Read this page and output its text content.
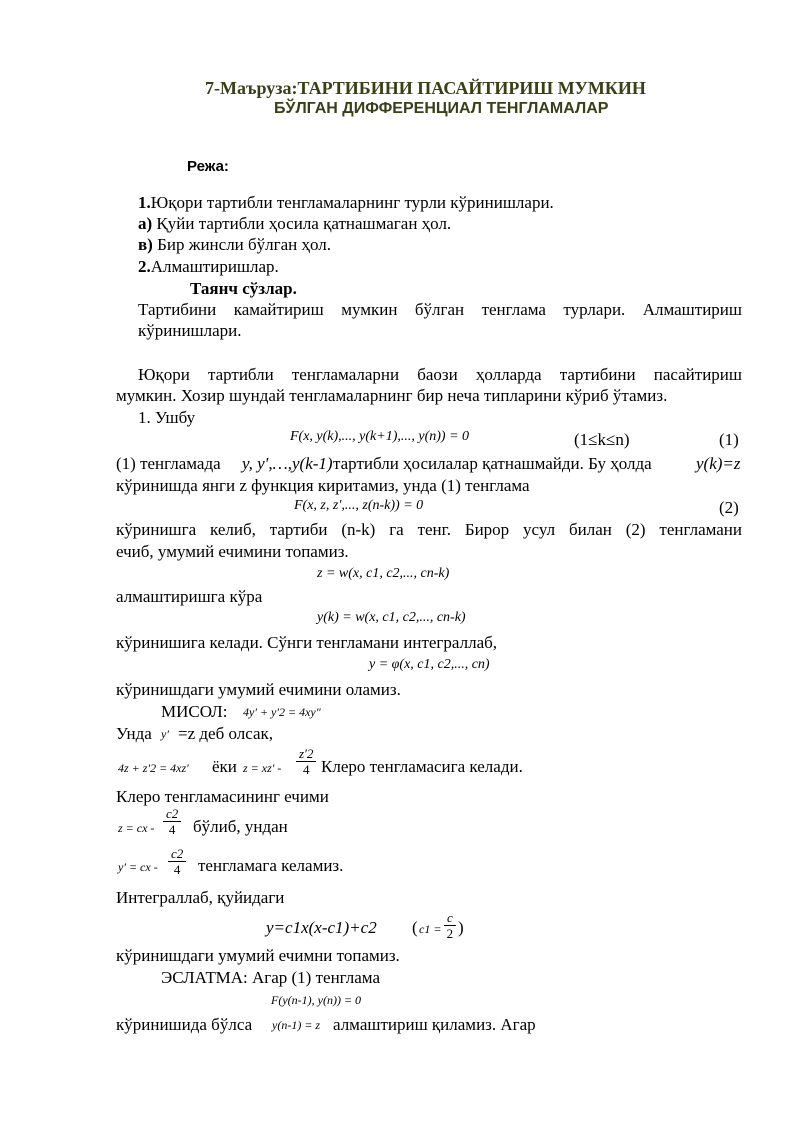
7-Маъруза:ТАРТИБИНИ ПАСАЙТИРИШ МУМКИН
БЎЛГАН ДИФФЕРЕНЦИАЛ ТЕНГЛАМАЛАР
Режа:
1.Юқори тартибли тенгламаларнинг турли кўринишлари.
а) Қуйи тартибли ҳосила қатнашмаган ҳол.
в) Бир жинсли бўлган ҳол.
2.Алмаштиришлар.
Таянч сўзлар.
Тартибини камайтириш мумкин бўлган тенглама турлари. Алмаштириш
кўринишлари.
Юқори тартибли тенгламаларни баози ҳолларда тартибини пасайтириш
мумкин. Хозир шундай тенгламаларнинг бир неча типларини кўриб ўтамиз.
1. Ушбу
F(x, y(k),..., y(k+1),..., y(n)) = 0	(1≤k≤n)	(1)
(1) тенгламада y, y′,…,y(k-1) тартибли ҳосилалар қатнашмайди. Бу ҳолда	y(k)=z
кўринишда янги z функция киритамиз, унда (1) тенглама
F(x, z, z′,..., z(n-k)) = 0	(2)
кўринишга келиб, тартиби (n-k) га тенг. Бирор усул билан (2) тенгламани
ечиб, умумий ечимини топамиз.
z = w(x, c1, c2,..., cn-k)
алмаштиришга кўра
y(k) = w(x, c1, c2,..., cn-k)
кўринишига келади. Сўнги тенгламани интеграллаб,
y = φ(x, c1, c2,..., cn)
кўринишдаги умумий ечимини оламиз.
МИСОЛ: 4y′ + y′2 = 4xy″
Унда y′ =z деб олсак,
4z + z′2 = 4xz′ ёки $z = xz' - \frac{z'2}{4}$ Клеро тенгламасига келади.
Клеро тенгламасининг ечими
z = cx - $\frac{c2}{4}$ бўлиб, ундан
y′ = cx - $\frac{c2}{4}$ тенгламага келамиз.
Интеграллаб, қуйидаги
y=c1x(x-c1)+c2 ( $c1 = \frac{c}{2}$ )
кўринишдаги умумий ечимни топамиз.
ЭСЛАТМА: Агар (1) тенглама
F(y(n-1), y(n)) = 0
кўринишида бўлса y(n-1) = z алмаштириш қиламиз. Агар
